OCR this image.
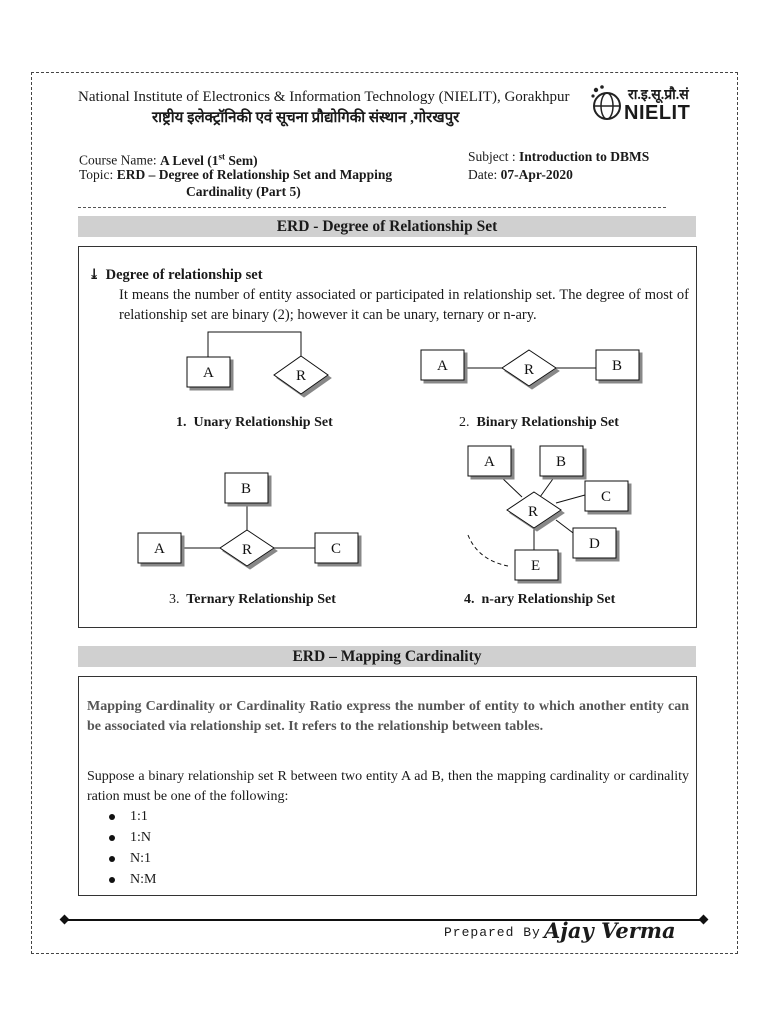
National Institute of Electronics & Information Technology (NIELIT), Gorakhpur
राष्ट्रीय इलेक्ट्रॉनिकी एवं सूचना प्रौद्योगिकी संस्थान ,गोरखपुर
रा.इ.सू.प्रौ.सं
NIELIT
Course Name: A Level (1st Sem)
Topic: ERD – Degree of Relationship Set and Mapping
Cardinality (Part 5)
Subject : Introduction to DBMS
Date: 07-Apr-2020
ERD - Degree of Relationship Set
⤓ Degree of relationship set
It means the number of entity associated or participated in relationship set. The degree of most of relationship set are binary (2); however it can be unary, ternary or n-ary.
A	R
A	R	B
B
A	R	C
A	B
C
R
D
E
1. Unary Relationship Set	2. Binary Relationship Set
3. Ternary Relationship Set	4. n-ary Relationship Set
ERD – Mapping Cardinality
Mapping Cardinality or Cardinality Ratio express the number of entity to which another entity can be associated via relationship set. It refers to the relationship between tables.
Suppose a binary relationship set R between two entity A ad B, then the mapping cardinality or cardinality ration must be one of the following:
1:1
1:N
N:1
N:M
Prepared By Ajay Verma
